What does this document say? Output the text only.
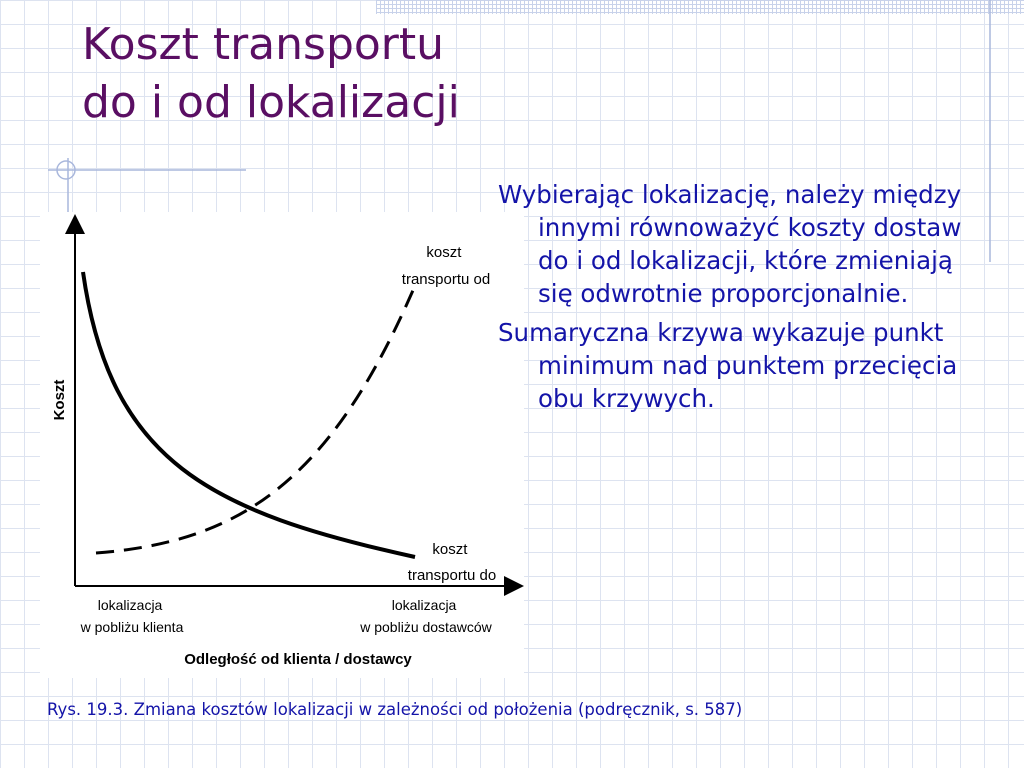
Koszt transportu
do i od lokalizacji
Koszt
koszt transportu od
koszt transportu do
lokalizacja w pobliżu klienta
lokalizacja w pobliżu dostawców
Odległość od klienta / dostawcy

Wybierając lokalizację, należy między innymi równoważyć koszty dostaw do i od lokalizacji, które zmieniają się odwrotnie proporcjonalnie.

Sumaryczna krzywa wykazuje punkt minimum nad punktem przecięcia obu krzywych.

Rys. 19.3. Zmiana kosztów lokalizacji w zależności od położenia (podręcznik, s. 587)
